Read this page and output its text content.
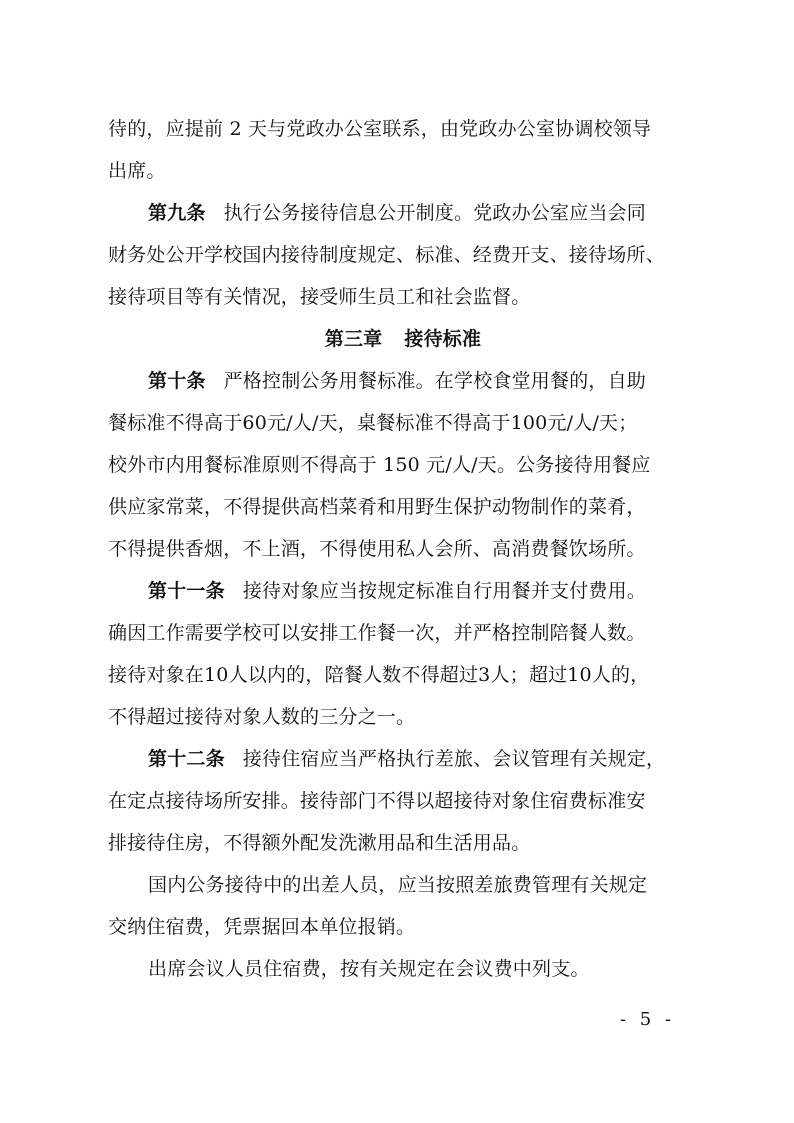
待的，应提前 2 天与党政办公室联系，由党政办公室协调校领导
出席。
第九条 执行公务接待信息公开制度。党政办公室应当会同
财务处公开学校国内接待制度规定、标准、经费开支、接待场所、
接待项目等有关情况，接受师生员工和社会监督。
第三章 接待标准
第十条 严格控制公务用餐标准。在学校食堂用餐的，自助
餐标准不得高于60元/人/天，桌餐标准不得高于100元/人/天；
校外市内用餐标准原则不得高于 150 元/人/天。公务接待用餐应
供应家常菜，不得提供高档菜肴和用野生保护动物制作的菜肴，
不得提供香烟，不上酒，不得使用私人会所、高消费餐饮场所。
第十一条 接待对象应当按规定标准自行用餐并支付费用。
确因工作需要学校可以安排工作餐一次，并严格控制陪餐人数。
接待对象在10人以内的，陪餐人数不得超过3人；超过10人的，
不得超过接待对象人数的三分之一。
第十二条 接待住宿应当严格执行差旅、会议管理有关规定，
在定点接待场所安排。接待部门不得以超接待对象住宿费标准安
排接待住房，不得额外配发洗漱用品和生活用品。
国内公务接待中的出差人员，应当按照差旅费管理有关规定
交纳住宿费，凭票据回本单位报销。
出席会议人员住宿费，按有关规定在会议费中列支。
- 5 -
